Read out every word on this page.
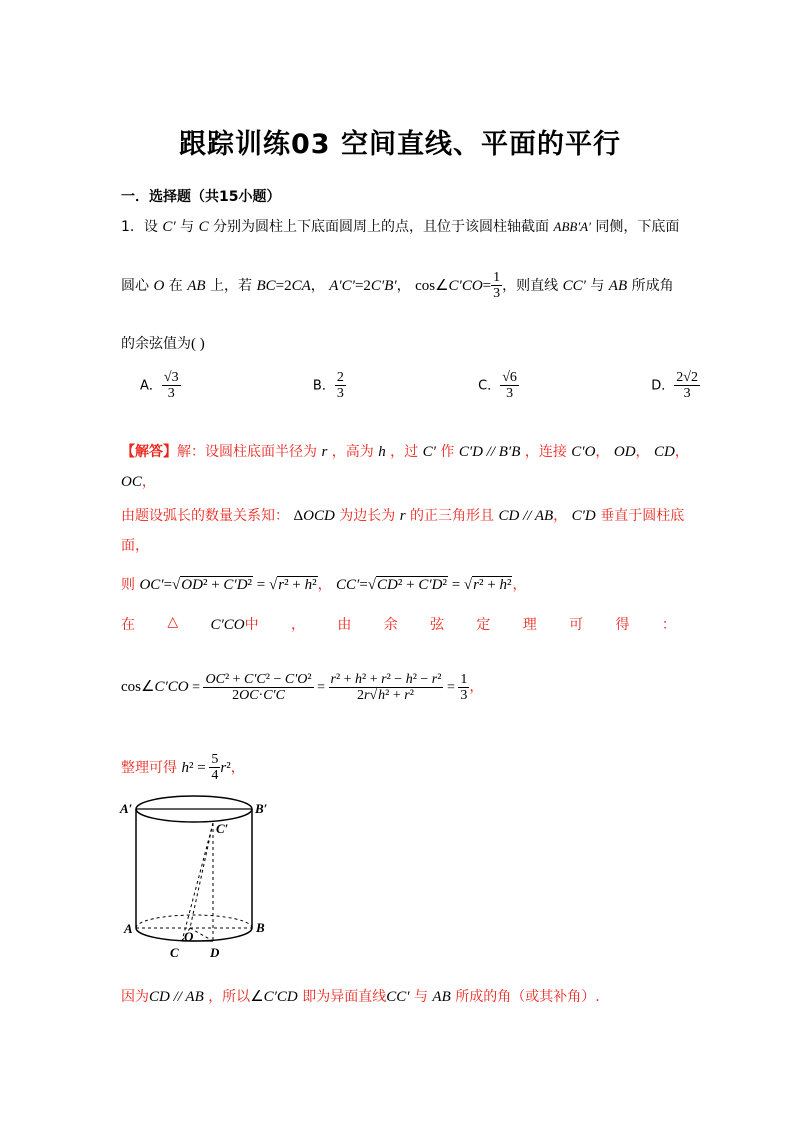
跟踪训练03 空间直线、平面的平行
一．选择题（共15小题）
1．设 C′ 与 C 分别为圆柱上下底面圆周上的点，且位于该圆柱轴截面 ABB′A′ 同侧，下底面
圆心 O 在 AB 上，若 BC=2CA， A′C′=2C′B′， cos∠C′CO= $\frac{1}{3}$ ，则直线 CC′ 与 AB 所成角
的余弦值为( )
A． $\frac{√3}{3}$	B． $\frac{2}{3}$	C． $\frac{√6}{3}$	D． $\frac{2√2}{3}$
【解答】解：设圆柱底面半径为 r ，高为 h ，过 C′ 作 C′D // B′B ，连接 C′O， OD， CD，
OC，
由题设弧长的数量关系知： ΔOCD 为边长为 r 的正三角形且 CD // AB， C′D 垂直于圆柱底
面，
则 OC′=√OD² + C′D² = √r² + h²， CC′=√CD² + C′D² = √r² + h²，
在 △ C′CO中 ， 由 余 弦 定 理 可 得 ：
cos∠C′CO = $\frac{\text{OC² + C′C² − C′O²}}{2OC\cdot C'C} = \frac{\text{r² + h² + r² − h² − r²}}{\text{2r√h² + r²}} = \frac{1}{3}$ ，
整理可得 $h^2 = \frac{5}{4} r^2$，
A′	B′
C′
A	B
O
C D
因为CD // AB ，所以∠C′CD 即为异面直线CC′ 与 AB 所成的角（或其补角）.
